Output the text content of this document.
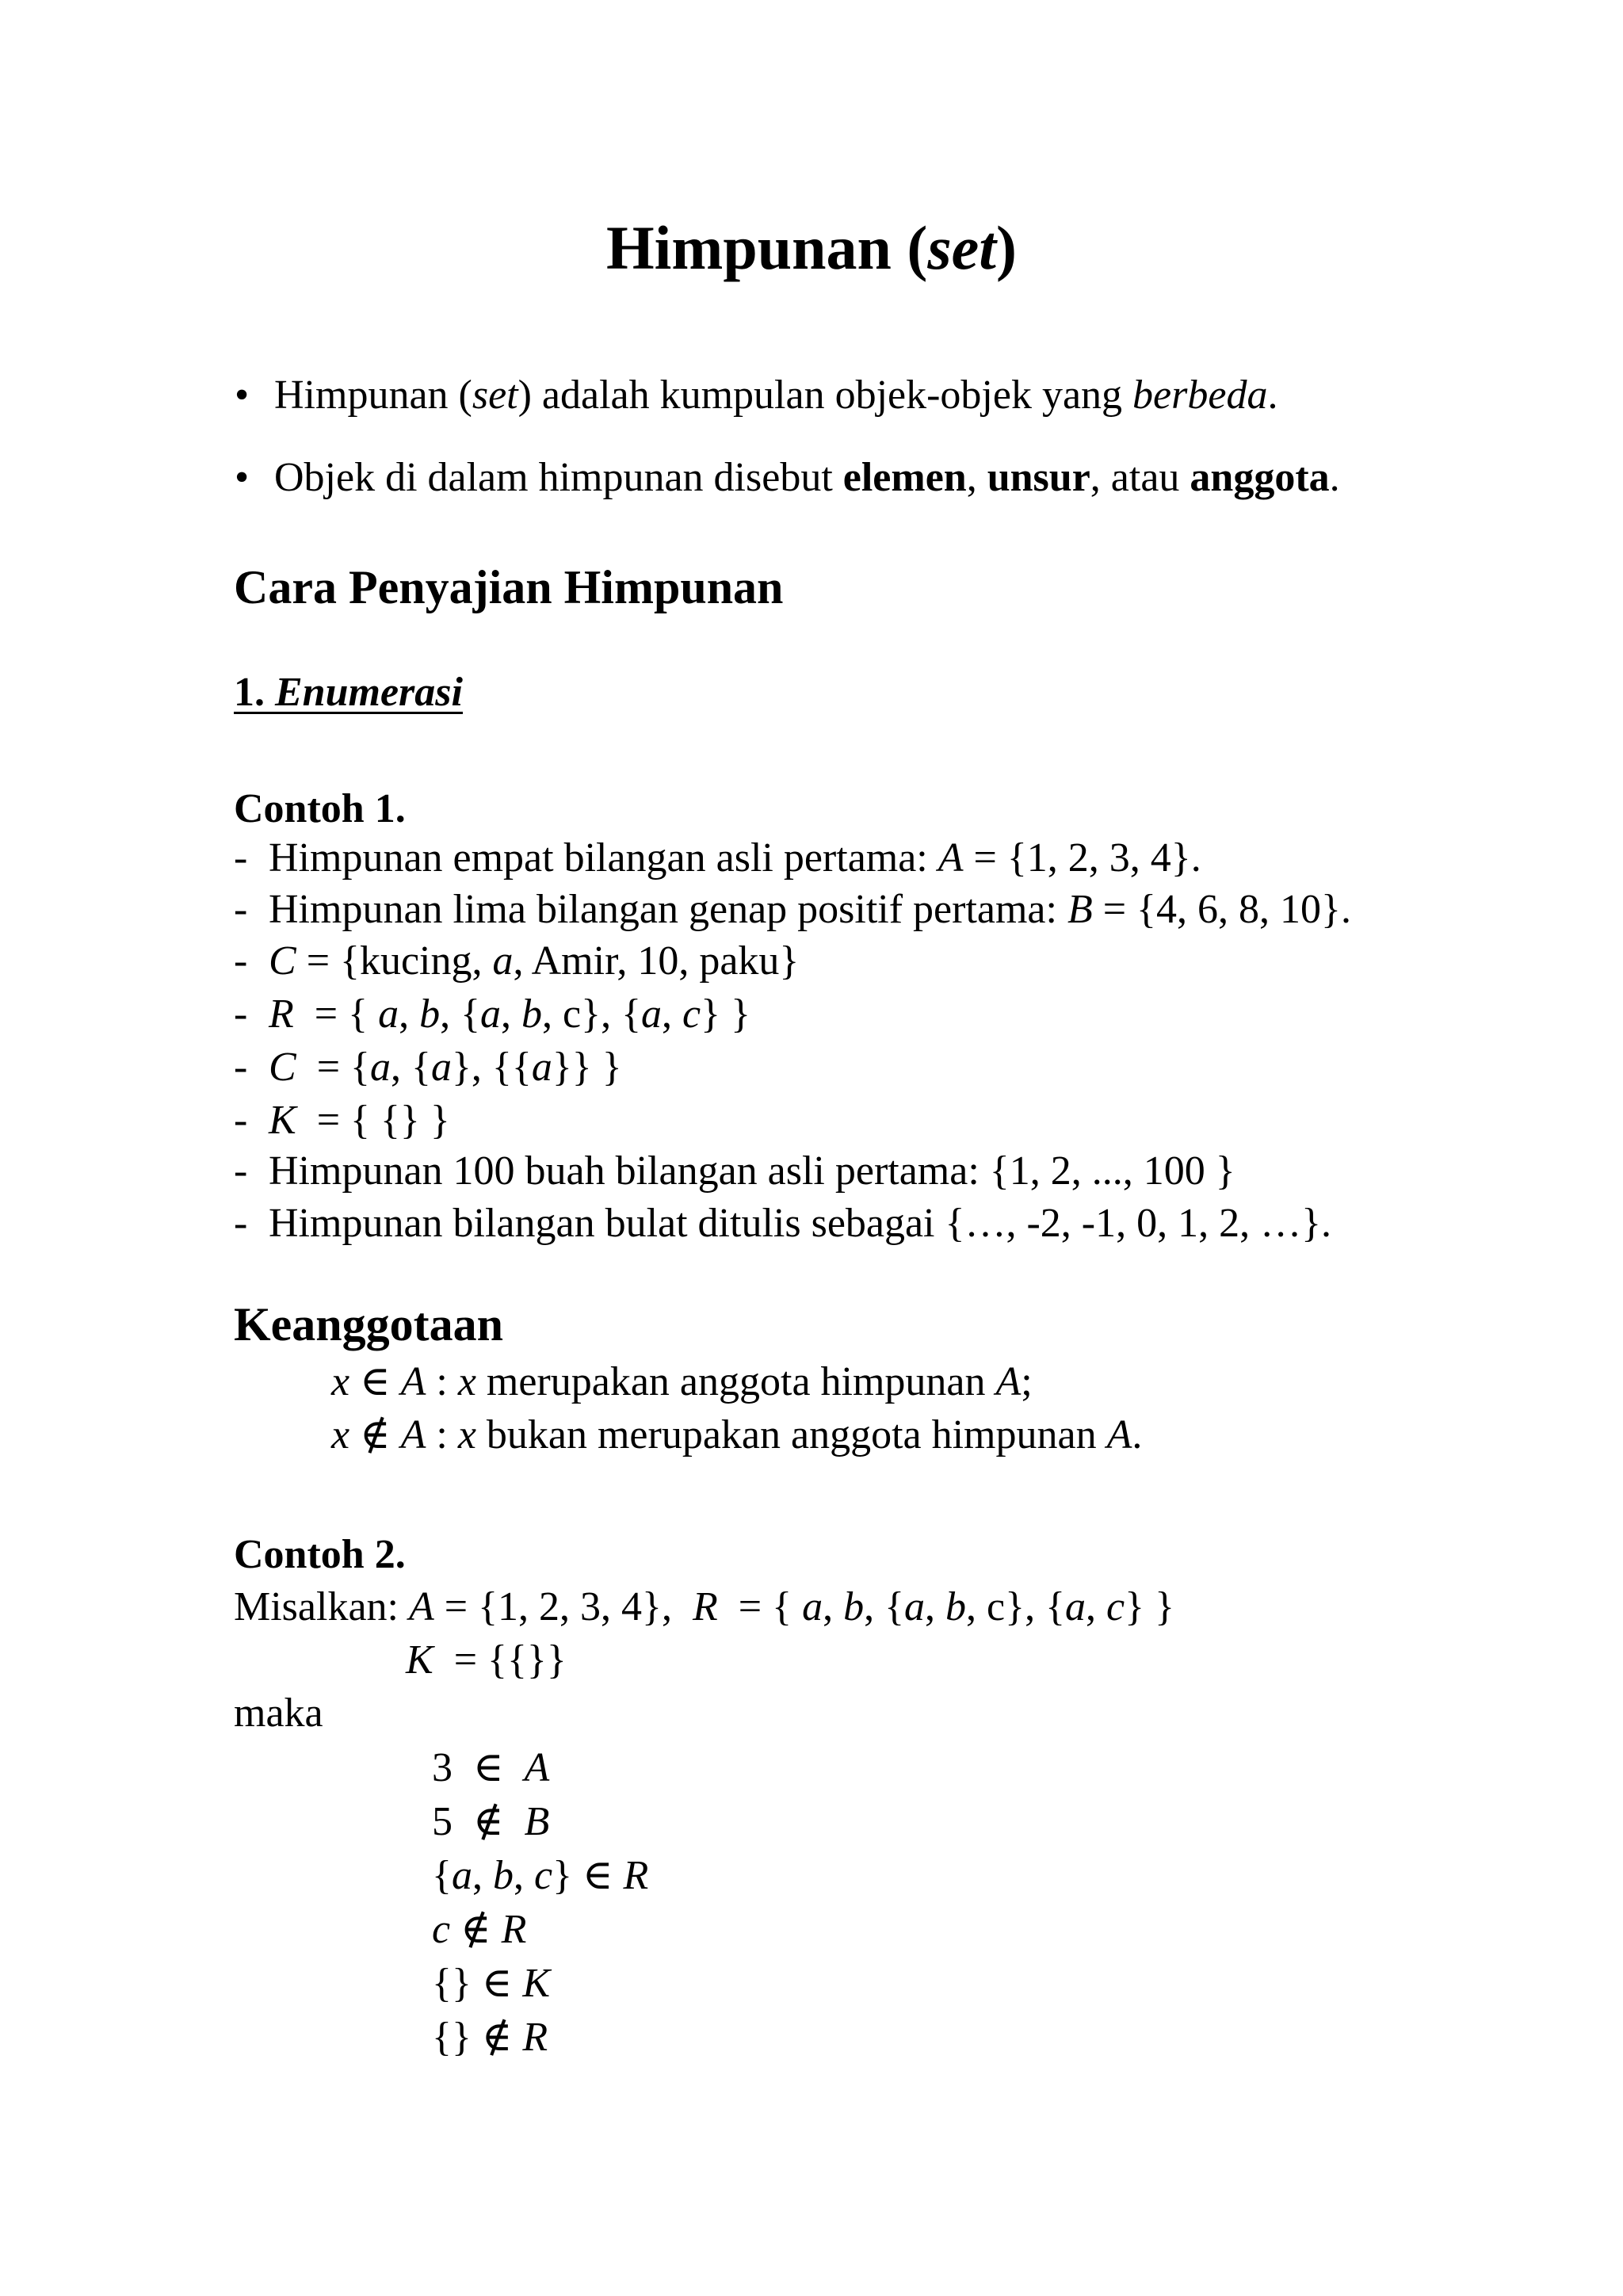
Himpunan (set)
• Himpunan (set) adalah kumpulan objek-objek yang berbeda.
• Objek di dalam himpunan disebut elemen, unsur, atau anggota.
Cara Penyajian Himpunan
1. Enumerasi
Contoh 1.
- Himpunan empat bilangan asli pertama: A = {1, 2, 3, 4}.
- Himpunan lima bilangan genap positif pertama: B = {4, 6, 8, 10}.
- C = {kucing, a, Amir, 10, paku}
- R  = { a, b, {a, b, c}, {a, c} }
- C  = {a, {a}, {{a}} }
- K  = { {} }
- Himpunan 100 buah bilangan asli pertama: {1, 2, ..., 100 }
- Himpunan bilangan bulat ditulis sebagai {…, -2, -1, 0, 1, 2, …}.
Keanggotaan
x ∈ A : x merupakan anggota himpunan A;
x ∉ A : x bukan merupakan anggota himpunan A.
Contoh 2.
Misalkan: A = {1, 2, 3, 4},  R  = { a, b, {a, b, c}, {a, c} }
K  = {{}}
maka
3  ∈  A
5  ∉  B
{a, b, c} ∈ R
c ∉ R
{} ∈ K
{} ∉ R
